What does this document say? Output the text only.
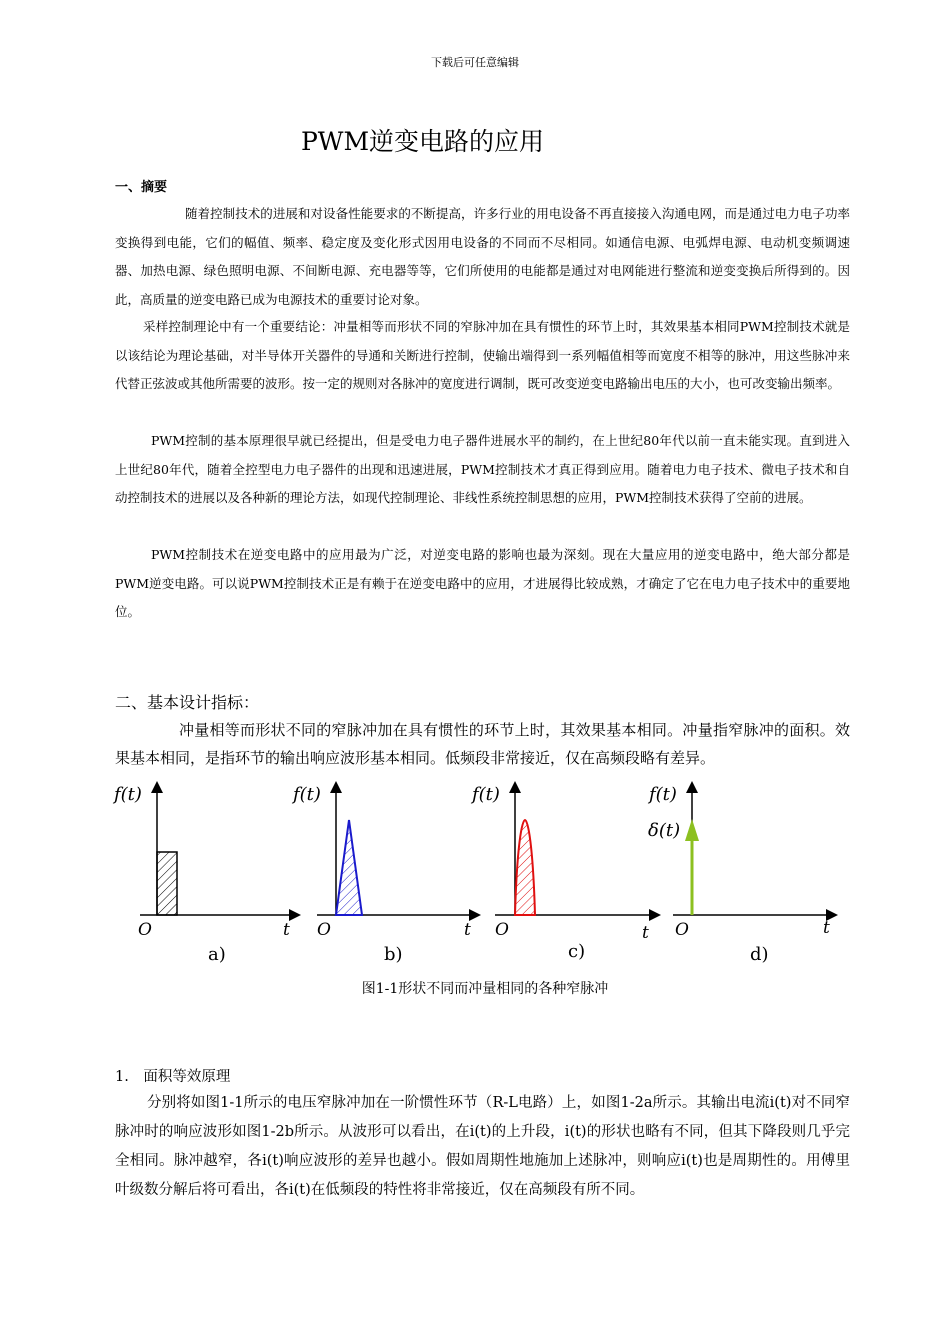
下载后可任意编辑
PWM逆变电路的应用
一、摘要

随着控制技术的进展和对设备性能要求的不断提高，许多行业的用电设备不再直接接入沟通电网，而是通过电力电子功率变换得到电能，它们的幅值、频率、稳定度及变化形式因用电设备的不同而不尽相同。如通信电源、电弧焊电源、电动机变频调速器、加热电源、绿色照明电源、不间断电源、充电器等等，它们所使用的电能都是通过对电网能进行整流和逆变变换后所得到的。因此，高质量的逆变电路已成为电源技术的重要讨论对象。

采样控制理论中有一个重要结论：冲量相等而形状不同的窄脉冲加在具有惯性的环节上时，其效果基本相同PWM控制技术就是以该结论为理论基础，对半导体开关器件的导通和关断进行控制，使输出端得到一系列幅值相等而宽度不相等的脉冲，用这些脉冲来代替正弦波或其他所需要的波形。按一定的规则对各脉冲的宽度进行调制，既可改变逆变电路输出电压的大小，也可改变输出频率。

PWM控制的基本原理很早就已经提出，但是受电力电子器件进展水平的制约，在上世纪80年代以前一直未能实现。直到进入上世纪80年代，随着全控型电力电子器件的出现和迅速进展，PWM控制技术才真正得到应用。随着电力电子技术、微电子技术和自动控制技术的进展以及各种新的理论方法，如现代控制理论、非线性系统控制思想的应用，PWM控制技术获得了空前的进展。

PWM控制技术在逆变电路中的应用最为广泛，对逆变电路的影响也最为深刻。现在大量应用的逆变电路中，绝大部分都是PWM逆变电路。可以说PWM控制技术正是有赖于在逆变电路中的应用，才进展得比较成熟，才确定了它在电力电子技术中的重要地位。

二、基本设计指标：

冲量相等而形状不同的窄脉冲加在具有惯性的环节上时，其效果基本相同。冲量指窄脉冲的面积。效果基本相同，是指环节的输出响应波形基本相同。低频段非常接近，仅在高频段略有差异。

f(t)
O	t
a)
f(t)
O	t
b)
f(t)
O	t
c)
f(t)
δ(t)
O	t
d)
图1-1形状不同而冲量相同的各种窄脉冲
1.　面积等效原理

分别将如图1-1所示的电压窄脉冲加在一阶惯性环节（R-L电路）上，如图1-2a所示。其输出电流i(t)对不同窄脉冲时的响应波形如图1-2b所示。从波形可以看出，在i(t)的上升段，i(t)的形状也略有不同，但其下降段则几乎完全相同。脉冲越窄，各i(t)响应波形的差异也越小。假如周期性地施加上述脉冲，则响应i(t)也是周期性的。用傅里叶级数分解后将可看出，各i(t)在低频段的特性将非常接近，仅在高频段有所不同。
